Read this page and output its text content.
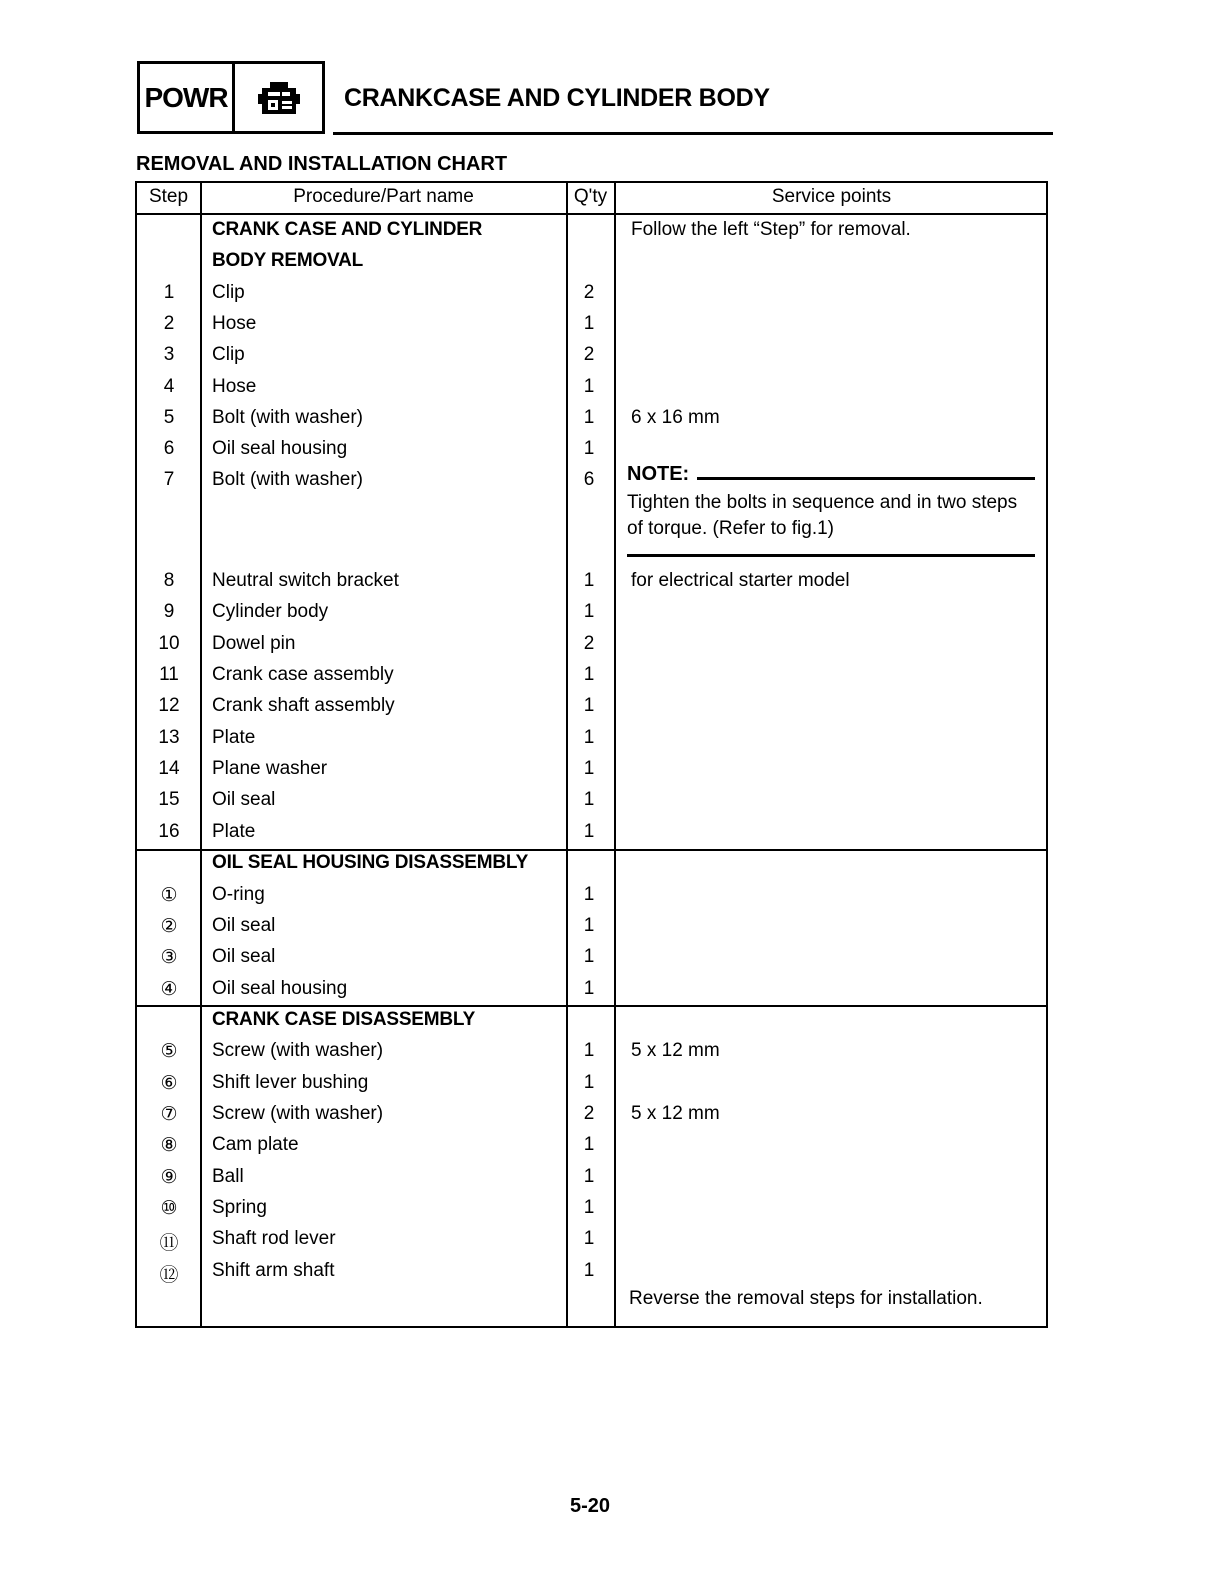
POWR	CRANKCASE AND CYLINDER BODY
REMOVAL AND INSTALLATION CHART
Step	Procedure/Part name	Q'ty	Service points
CRANK CASE AND CYLINDER	Follow the left “Step” for removal.
BODY REMOVAL
1	Clip	2
2	Hose	1
3	Clip	2
4	Hose	1
5	Bolt (with washer)	1	6 x 16 mm
6	Oil seal housing	1
7	Bolt (with washer)	6
8	Neutral switch bracket	1	for electrical starter model
9	Cylinder body	1
10	Dowel pin	2
11	Crank case assembly	1
12	Crank shaft assembly	1
13	Plate	1
14	Plane washer	1
15	Oil seal	1
16	Plate	1
OIL SEAL HOUSING DISASSEMBLY
①	O-ring	1
②	Oil seal	1
③	Oil seal	1
④	Oil seal housing	1
CRANK CASE DISASSEMBLY
⑤	Screw (with washer)	1	5 x 12 mm
⑥	Shift lever bushing	1
⑦	Screw (with washer)	2	5 x 12 mm
⑧	Cam plate	1
⑨	Ball	1
⑩	Spring	1
⑪	Shaft rod lever	1
⑫	Shift arm shaft	1
NOTE:
Tighten the bolts in sequence and in two steps of torque. (Refer to fig.1)
Reverse the removal steps for installation.
5-20
